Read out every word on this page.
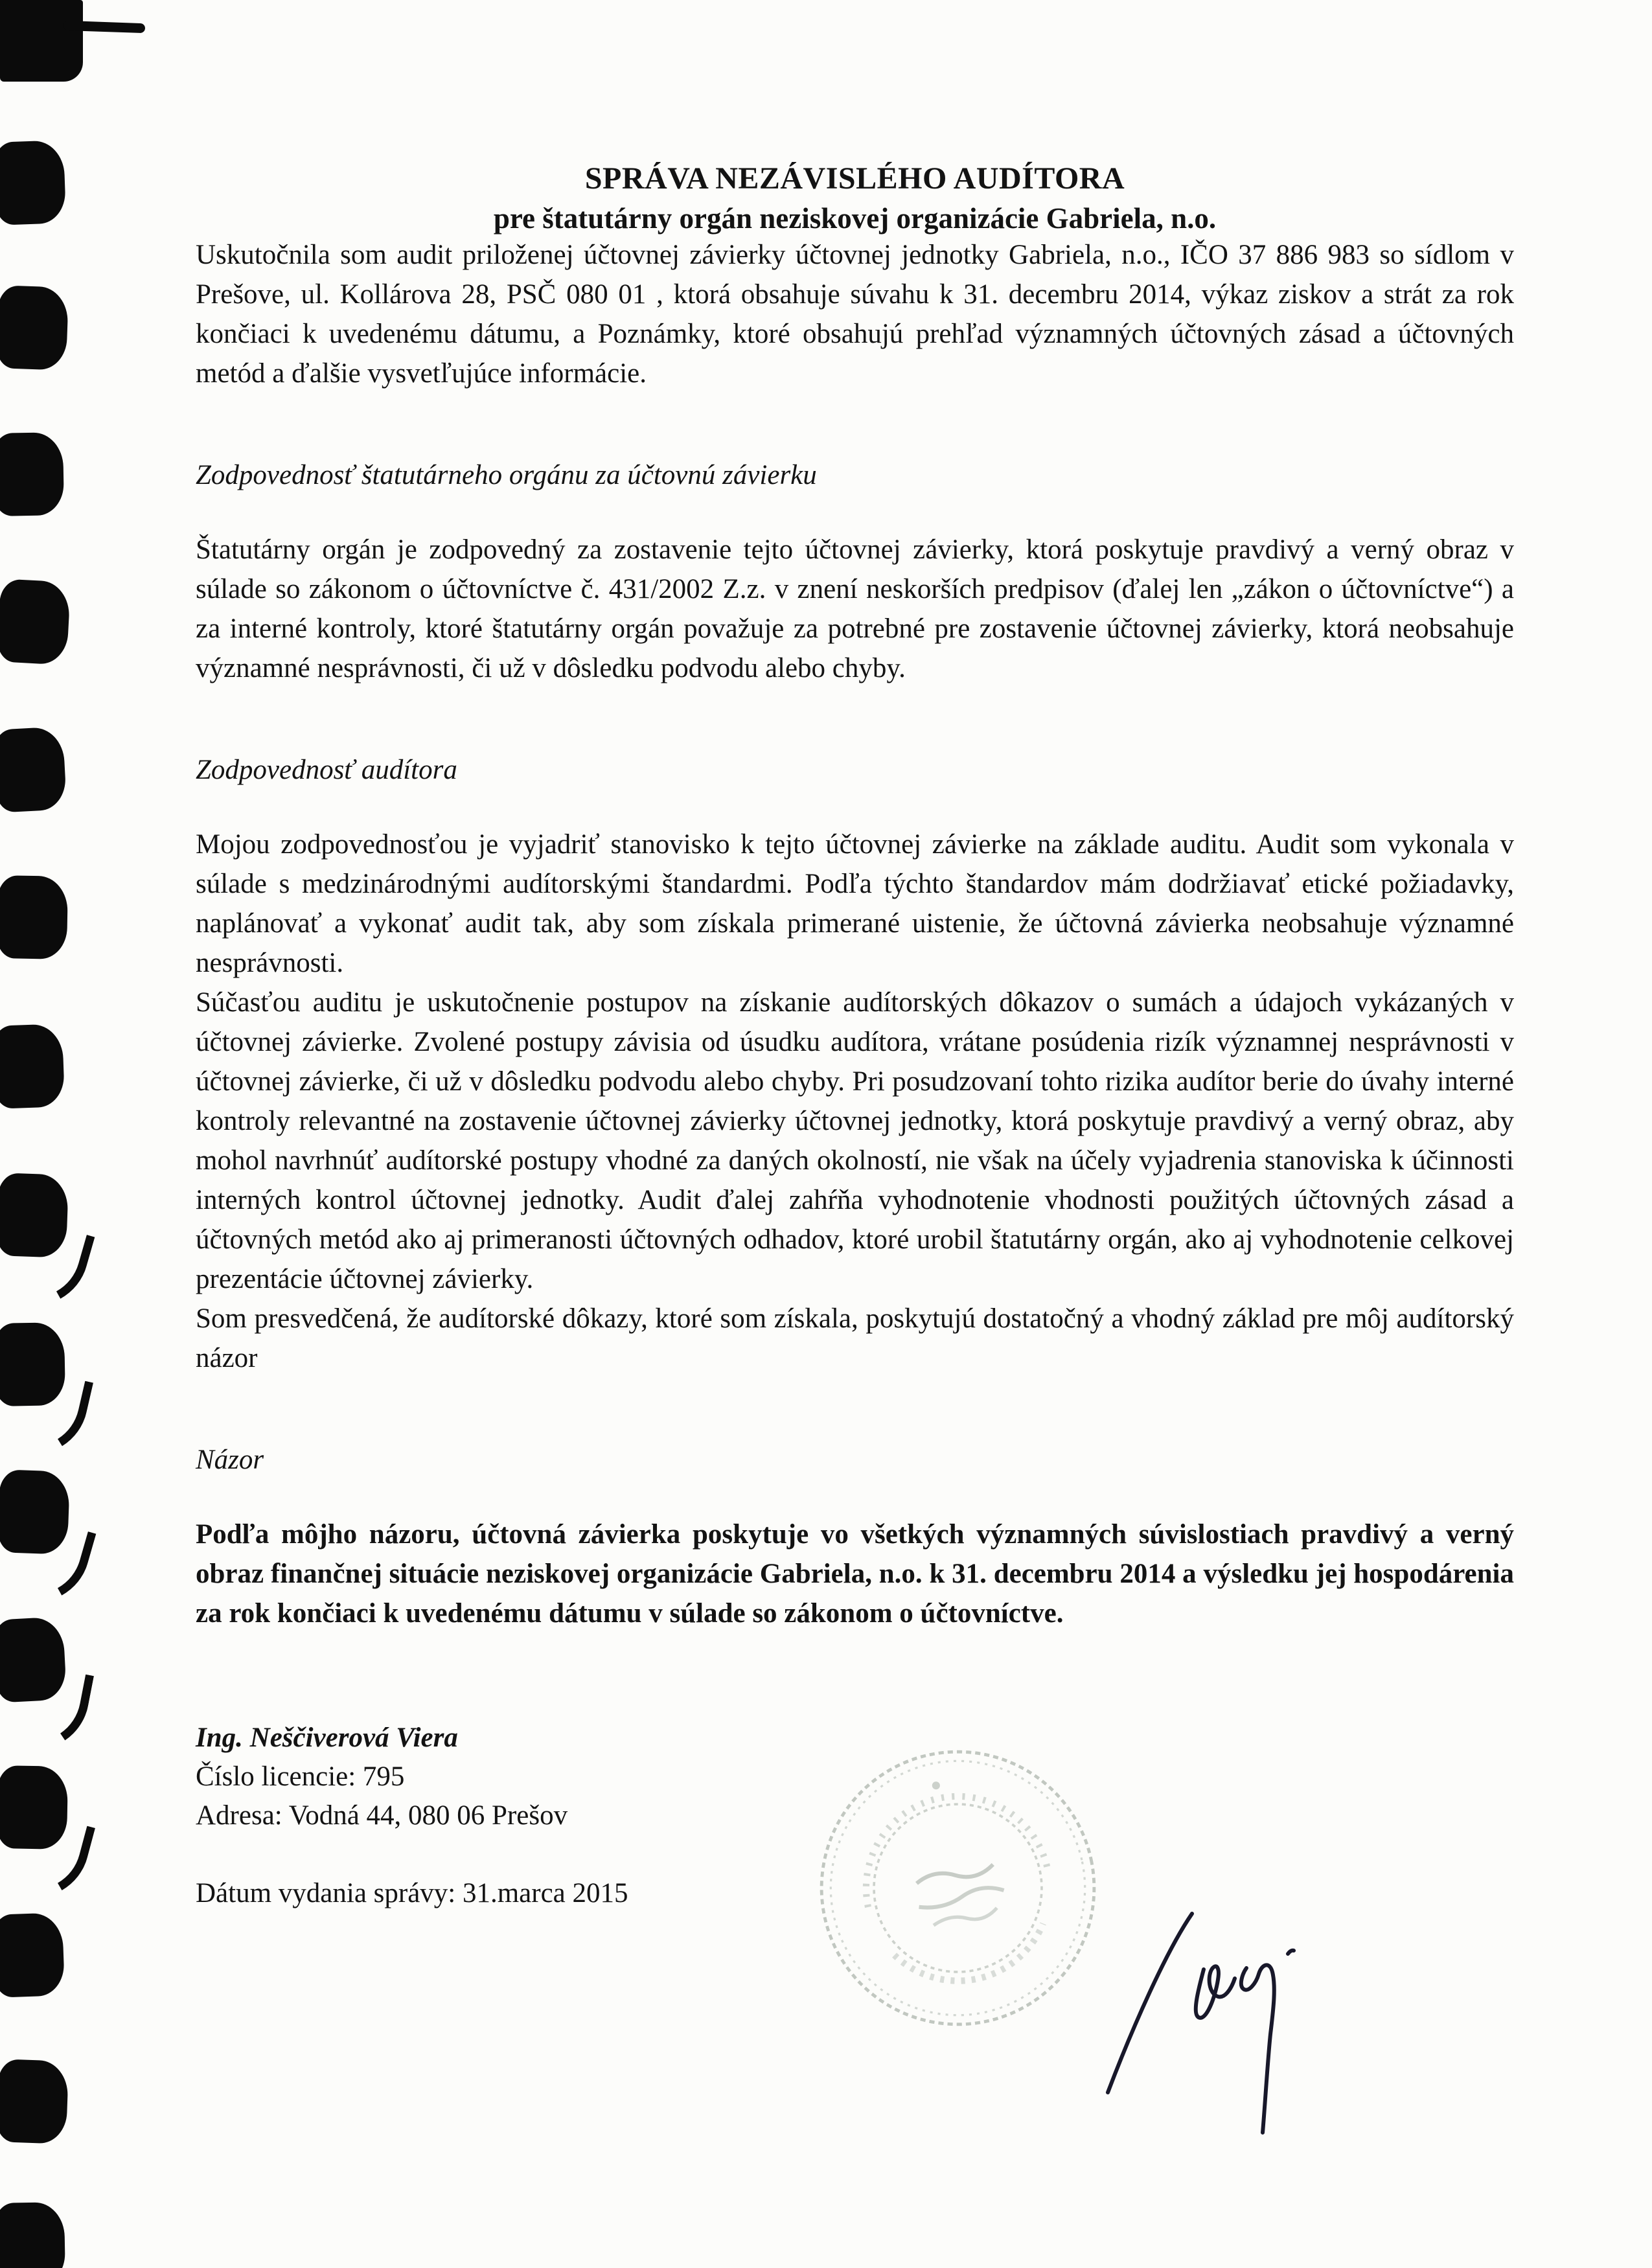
SPRÁVA NEZÁVISLÉHO AUDÍTORA
pre štatutárny orgán neziskovej organizácie Gabriela, n.o.

Uskutočnila som audit priloženej účtovnej závierky účtovnej jednotky Gabriela, n.o., IČO 37 886 983 so sídlom v Prešove, ul. Kollárova 28, PSČ 080 01 , ktorá obsahuje súvahu k 31. decembru 2014, výkaz ziskov a strát za rok končiaci k uvedenému dátumu, a Poznámky, ktoré obsahujú prehľad významných účtovných zásad a účtovných metód a ďalšie vysvetľujúce informácie.

Zodpovednosť štatutárneho orgánu za účtovnú závierku

Štatutárny orgán je zodpovedný za zostavenie tejto účtovnej závierky, ktorá poskytuje pravdivý a verný obraz v súlade so zákonom o účtovníctve č. 431/2002 Z.z. v znení neskorších predpisov (ďalej len „zákon o účtovníctve“) a za interné kontroly, ktoré štatutárny orgán považuje za potrebné pre zostavenie účtovnej závierky, ktorá neobsahuje významné nesprávnosti, či už v dôsledku podvodu alebo chyby.

Zodpovednosť audítora

Mojou zodpovednosťou je vyjadriť stanovisko k tejto účtovnej závierke na základe auditu. Audit som vykonala v súlade s medzinárodnými audítorskými štandardmi. Podľa týchto štandardov mám dodržiavať etické požiadavky, naplánovať a vykonať audit tak, aby som získala primerané uistenie, že účtovná závierka neobsahuje významné nesprávnosti.

Súčasťou auditu je uskutočnenie postupov na získanie audítorských dôkazov o sumách a údajoch vykázaných v účtovnej závierke. Zvolené postupy závisia od úsudku audítora, vrátane posúdenia rizík významnej nesprávnosti v účtovnej závierke, či už v dôsledku podvodu alebo chyby. Pri posudzovaní tohto rizika audítor berie do úvahy interné kontroly relevantné na zostavenie účtovnej závierky účtovnej jednotky, ktorá poskytuje pravdivý a verný obraz, aby mohol navrhnúť audítorské postupy vhodné za daných okolností, nie však na účely vyjadrenia stanoviska k účinnosti interných kontrol účtovnej jednotky. Audit ďalej zahŕňa vyhodnotenie vhodnosti použitých účtovných zásad a účtovných metód ako aj primeranosti účtovných odhadov, ktoré urobil štatutárny orgán, ako aj vyhodnotenie celkovej prezentácie účtovnej závierky.

Som presvedčená, že audítorské dôkazy, ktoré som získala, poskytujú dostatočný a vhodný základ pre môj audítorský názor

Názor

Podľa môjho názoru, účtovná závierka poskytuje vo všetkých významných súvislostiach pravdivý a verný obraz finančnej situácie neziskovej organizácie Gabriela, n.o. k 31. decembru 2014 a výsledku jej hospodárenia za rok končiaci k uvedenému dátumu v súlade so zákonom o účtovníctve.

Ing. Neščiverová Viera

Číslo licencie: 795

Adresa: Vodná 44, 080 06 Prešov

Dátum vydania správy: 31.marca 2015
